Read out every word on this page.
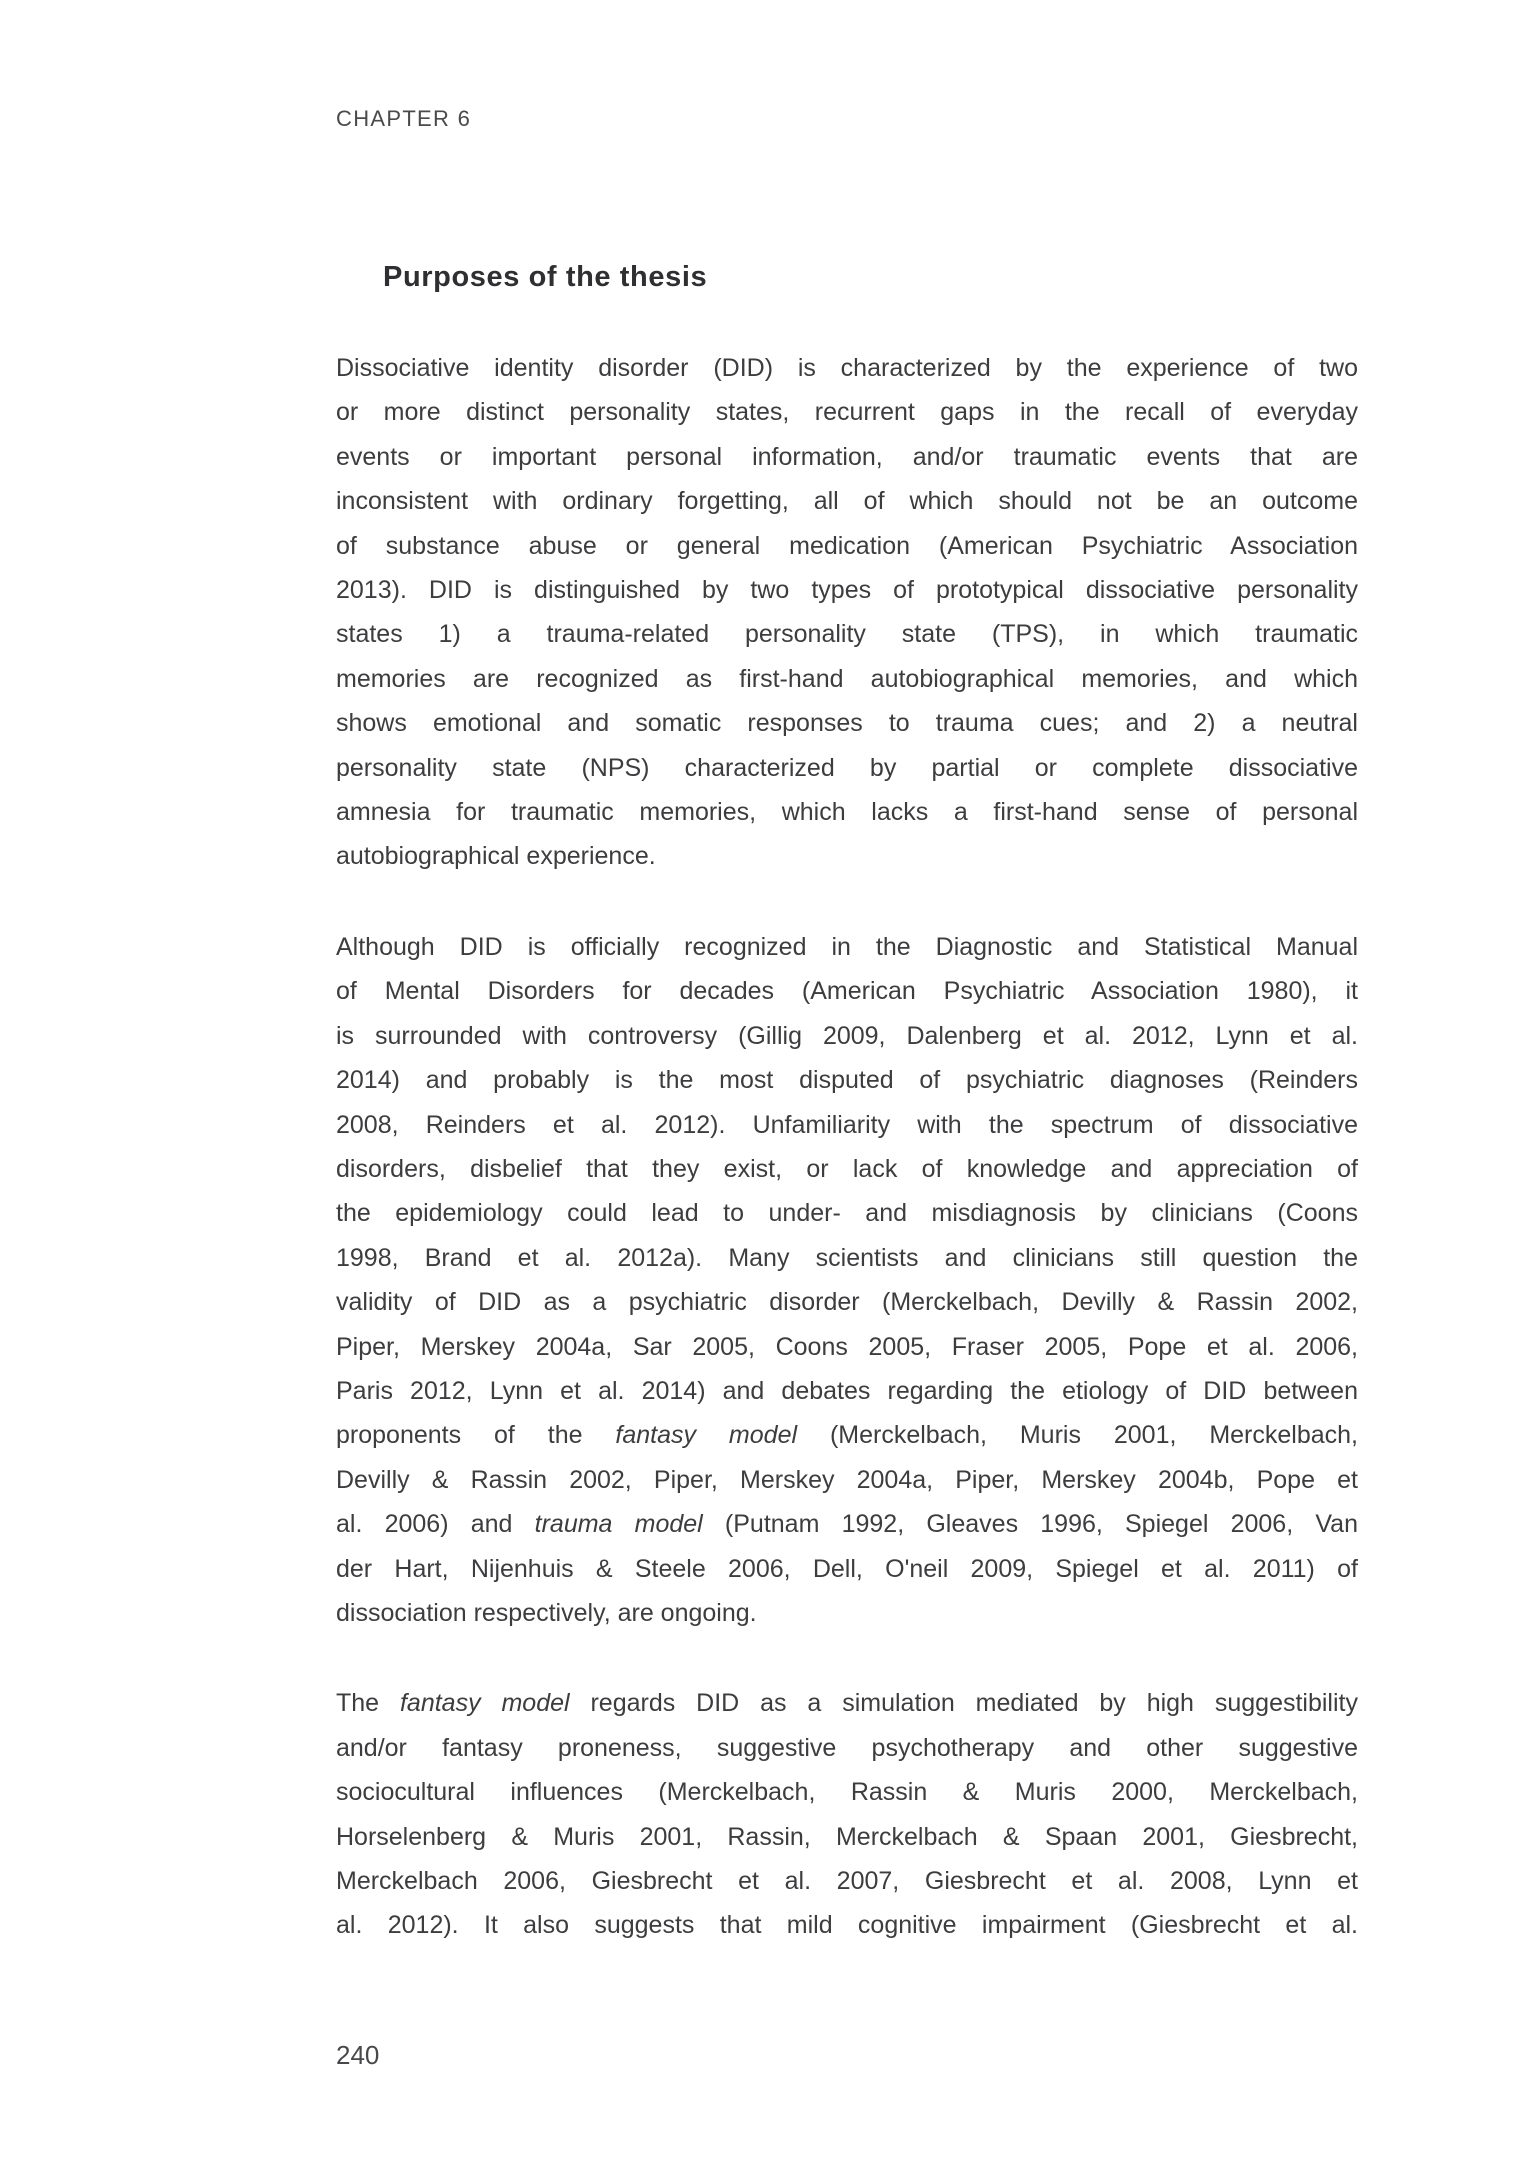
CHAPTER 6
Purposes of the thesis
Dissociative identity disorder (DID) is characterized by the experience of two
or more distinct personality states, recurrent gaps in the recall of everyday
events or important personal information, and/or traumatic events that are
inconsistent with ordinary forgetting, all of which should not be an outcome
of substance abuse or general medication (American Psychiatric Association
2013). DID is distinguished by two types of prototypical dissociative personality
states 1) a trauma-related personality state (TPS), in which traumatic
memories are recognized as first-hand autobiographical memories, and which
shows emotional and somatic responses to trauma cues; and 2) a neutral
personality state (NPS) characterized by partial or complete dissociative
amnesia for traumatic memories, which lacks a first-hand sense of personal
autobiographical experience.
Although DID is officially recognized in the Diagnostic and Statistical Manual
of Mental Disorders for decades (American Psychiatric Association 1980), it
is surrounded with controversy (Gillig 2009, Dalenberg et al. 2012, Lynn et al.
2014) and probably is the most disputed of psychiatric diagnoses (Reinders
2008, Reinders et al. 2012). Unfamiliarity with the spectrum of dissociative
disorders, disbelief that they exist, or lack of knowledge and appreciation of
the epidemiology could lead to under- and misdiagnosis by clinicians (Coons
1998, Brand et al. 2012a). Many scientists and clinicians still question the
validity of DID as a psychiatric disorder (Merckelbach, Devilly & Rassin 2002,
Piper, Merskey 2004a, Sar 2005, Coons 2005, Fraser 2005, Pope et al. 2006,
Paris 2012, Lynn et al. 2014) and debates regarding the etiology of DID between
proponents of the fantasy model (Merckelbach, Muris 2001, Merckelbach,
Devilly & Rassin 2002, Piper, Merskey 2004a, Piper, Merskey 2004b, Pope et
al. 2006) and trauma model (Putnam 1992, Gleaves 1996, Spiegel 2006, Van
der Hart, Nijenhuis & Steele 2006, Dell, O'neil 2009, Spiegel et al. 2011) of
dissociation respectively, are ongoing.
The fantasy model regards DID as a simulation mediated by high suggestibility
and/or fantasy proneness, suggestive psychotherapy and other suggestive
sociocultural influences (Merckelbach, Rassin & Muris 2000, Merckelbach,
Horselenberg & Muris 2001, Rassin, Merckelbach & Spaan 2001, Giesbrecht,
Merckelbach 2006, Giesbrecht et al. 2007, Giesbrecht et al. 2008, Lynn et
al. 2012). It also suggests that mild cognitive impairment (Giesbrecht et al.
240
